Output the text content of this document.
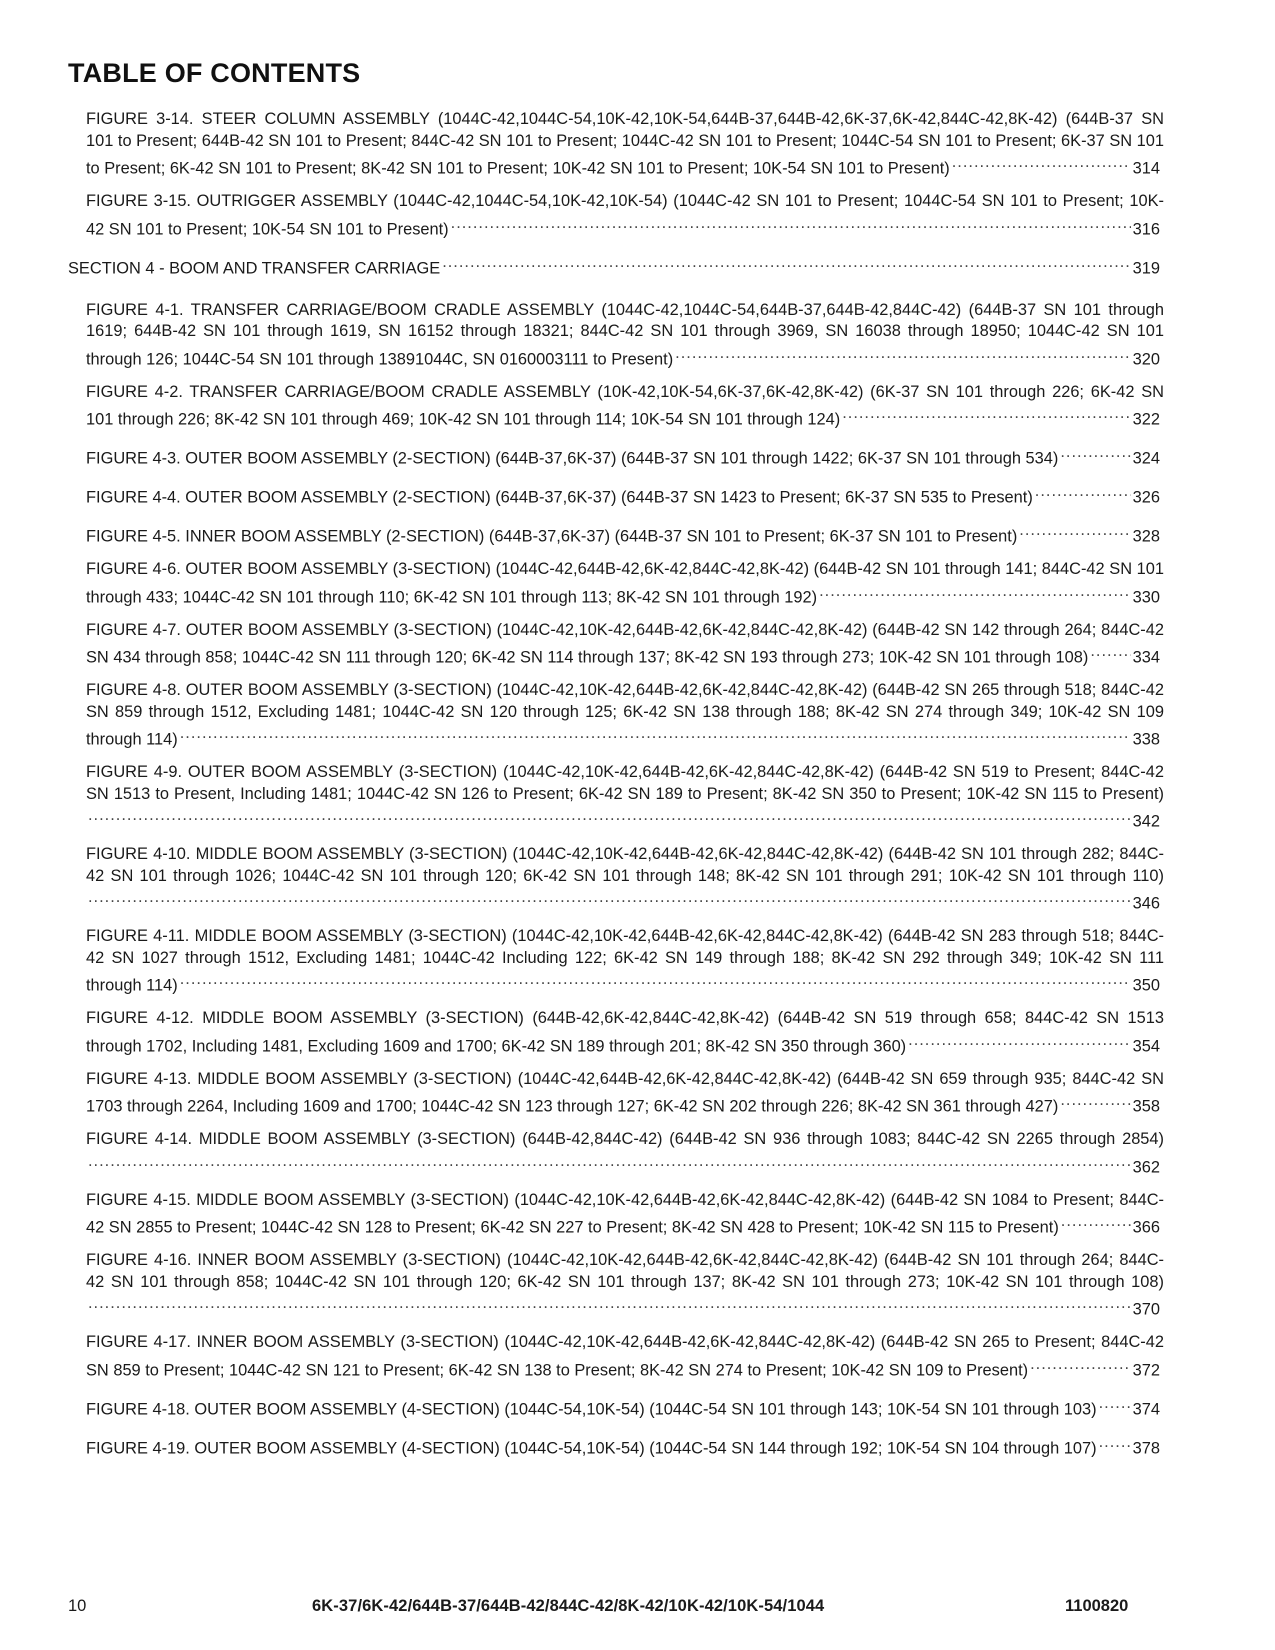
TABLE OF CONTENTS
FIGURE 3-14. STEER COLUMN ASSEMBLY (1044C-42,1044C-54,10K-42,10K-54,644B-37,644B-42,6K-37,6K-42,844C-42,8K-42) (644B-37 SN 101 to Present; 644B-42 SN 101 to Present; 844C-42 SN 101 to Present; 1044C-42 SN 101 to Present; 1044C-54 SN 101 to Present; 6K-37 SN 101 to Present; 6K-42 SN 101 to Present; 8K-42 SN 101 to Present; 10K-42 SN 101 to Present; 10K-54 SN 101 to Present).....	314
FIGURE 3-15. OUTRIGGER ASSEMBLY (1044C-42,1044C-54,10K-42,10K-54) (1044C-42 SN 101 to Present; 1044C-54 SN 101 to Present; 10K-42 SN 101 to Present; 10K-54 SN 101 to Present).....	316
SECTION 4 - BOOM AND TRANSFER CARRIAGE.....	319
FIGURE 4-1. TRANSFER CARRIAGE/BOOM CRADLE ASSEMBLY (1044C-42,1044C-54,644B-37,644B-42,844C-42) (644B-37 SN 101 through 1619; 644B-42 SN 101 through 1619, SN 16152 through 18321; 844C-42 SN 101 through 3969, SN 16038 through 18950; 1044C-42 SN 101 through 126; 1044C-54 SN 101 through 13891044C, SN 0160003111 to Present).....	320
FIGURE 4-2. TRANSFER CARRIAGE/BOOM CRADLE ASSEMBLY (10K-42,10K-54,6K-37,6K-42,8K-42) (6K-37 SN 101 through 226; 6K-42 SN 101 through 226; 8K-42 SN 101 through 469; 10K-42 SN 101 through 114; 10K-54 SN 101 through 124).....	322
FIGURE 4-3. OUTER BOOM ASSEMBLY (2-SECTION) (644B-37,6K-37) (644B-37 SN 101 through 1422; 6K-37 SN 101 through 534).....	324
FIGURE 4-4. OUTER BOOM ASSEMBLY (2-SECTION) (644B-37,6K-37) (644B-37 SN 1423 to Present; 6K-37 SN 535 to Present).....	326
FIGURE 4-5. INNER BOOM ASSEMBLY (2-SECTION) (644B-37,6K-37) (644B-37 SN 101 to Present; 6K-37 SN 101 to Present).....	328
FIGURE 4-6. OUTER BOOM ASSEMBLY (3-SECTION) (1044C-42,644B-42,6K-42,844C-42,8K-42) (644B-42 SN 101 through 141; 844C-42 SN 101 through 433; 1044C-42 SN 101 through 110; 6K-42 SN 101 through 113; 8K-42 SN 101 through 192).....	330
FIGURE 4-7. OUTER BOOM ASSEMBLY (3-SECTION) (1044C-42,10K-42,644B-42,6K-42,844C-42,8K-42) (644B-42 SN 142 through 264; 844C-42 SN 434 through 858; 1044C-42 SN 111 through 120; 6K-42 SN 114 through 137; 8K-42 SN 193 through 273; 10K-42 SN 101 through 108).....	334
FIGURE 4-8. OUTER BOOM ASSEMBLY (3-SECTION) (1044C-42,10K-42,644B-42,6K-42,844C-42,8K-42) (644B-42 SN 265 through 518; 844C-42 SN 859 through 1512, Excluding 1481; 1044C-42 SN 120 through 125; 6K-42 SN 138 through 188; 8K-42 SN 274 through 349; 10K-42 SN 109 through 114).....	338
FIGURE 4-9. OUTER BOOM ASSEMBLY (3-SECTION) (1044C-42,10K-42,644B-42,6K-42,844C-42,8K-42) (644B-42 SN 519 to Present; 844C-42 SN 1513 to Present, Including 1481; 1044C-42 SN 126 to Present; 6K-42 SN 189 to Present; 8K-42 SN 350 to Present; 10K-42 SN 115 to Present).....342
FIGURE 4-10. MIDDLE BOOM ASSEMBLY (3-SECTION) (1044C-42,10K-42,644B-42,6K-42,844C-42,8K-42) (644B-42 SN 101 through 282; 844C-42 SN 101 through 1026; 1044C-42 SN 101 through 120; 6K-42 SN 101 through 148; 8K-42 SN 101 through 291; 10K-42 SN 101 through 110).....346
FIGURE 4-11. MIDDLE BOOM ASSEMBLY (3-SECTION) (1044C-42,10K-42,644B-42,6K-42,844C-42,8K-42) (644B-42 SN 283 through 518; 844C-42 SN 1027 through 1512, Excluding 1481; 1044C-42 Including 122; 6K-42 SN 149 through 188; 8K-42 SN 292 through 349; 10K-42 SN 111 through 114).....	350
FIGURE 4-12. MIDDLE BOOM ASSEMBLY (3-SECTION) (644B-42,6K-42,844C-42,8K-42) (644B-42 SN 519 through 658; 844C-42 SN 1513 through 1702, Including 1481, Excluding 1609 and 1700; 6K-42 SN 189 through 201; 8K-42 SN 350 through 360).....	354
FIGURE 4-13. MIDDLE BOOM ASSEMBLY (3-SECTION) (1044C-42,644B-42,6K-42,844C-42,8K-42) (644B-42 SN 659 through 935; 844C-42 SN 1703 through 2264, Including 1609 and 1700; 1044C-42 SN 123 through 127; 6K-42 SN 202 through 226; 8K-42 SN 361 through 427).....	358
FIGURE 4-14. MIDDLE BOOM ASSEMBLY (3-SECTION) (644B-42,844C-42) (644B-42 SN 936 through 1083; 844C-42 SN 2265 through 2854).....362
FIGURE 4-15. MIDDLE BOOM ASSEMBLY (3-SECTION) (1044C-42,10K-42,644B-42,6K-42,844C-42,8K-42) (644B-42 SN 1084 to Present; 844C-42 SN 2855 to Present; 1044C-42 SN 128 to Present; 6K-42 SN 227 to Present; 8K-42 SN 428 to Present; 10K-42 SN 115 to Present).....	366
FIGURE 4-16. INNER BOOM ASSEMBLY (3-SECTION) (1044C-42,10K-42,644B-42,6K-42,844C-42,8K-42) (644B-42 SN 101 through 264; 844C-42 SN 101 through 858; 1044C-42 SN 101 through 120; 6K-42 SN 101 through 137; 8K-42 SN 101 through 273; 10K-42 SN 101 through 108).....370
FIGURE 4-17. INNER BOOM ASSEMBLY (3-SECTION) (1044C-42,10K-42,644B-42,6K-42,844C-42,8K-42) (644B-42 SN 265 to Present; 844C-42 SN 859 to Present; 1044C-42 SN 121 to Present; 6K-42 SN 138 to Present; 8K-42 SN 274 to Present; 10K-42 SN 109 to Present).....	372
FIGURE 4-18. OUTER BOOM ASSEMBLY (4-SECTION) (1044C-54,10K-54) (1044C-54 SN 101 through 143; 10K-54 SN 101 through 103)..... 374
FIGURE 4-19. OUTER BOOM ASSEMBLY (4-SECTION) (1044C-54,10K-54) (1044C-54 SN 144 through 192; 10K-54 SN 104 through 107)..... 378
10	6K-37/6K-42/644B-37/644B-42/844C-42/8K-42/10K-42/10K-54/1044	1100820
